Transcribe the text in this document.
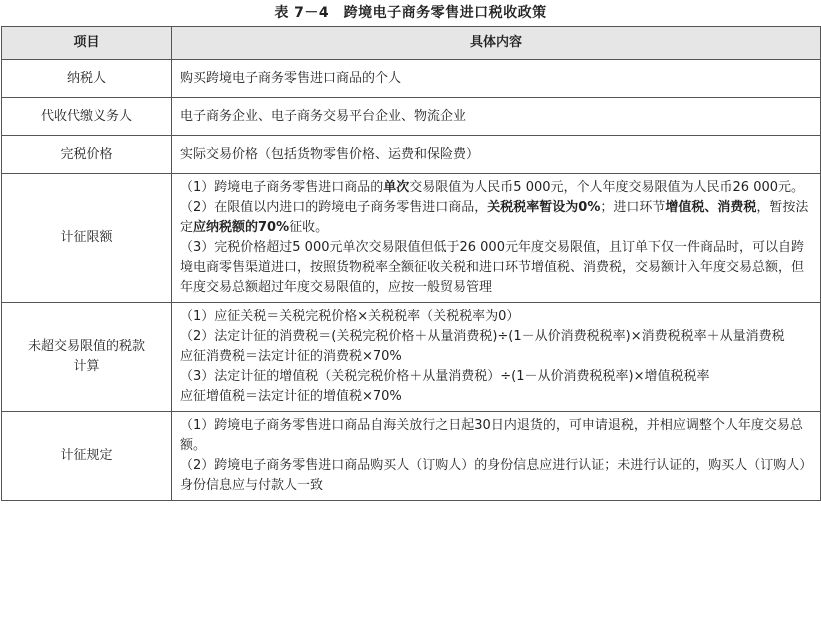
表 7－4　跨境电子商务零售进口税收政策
项目	具体内容
纳税人	购买跨境电子商务零售进口商品的个人
代收代缴义务人	电子商务企业、电子商务交易平台企业、物流企业
完税价格	实际交易价格（包括货物零售价格、运费和保险费）
计征限额	（1）跨境电子商务零售进口商品的单次交易限值为人民币5 000元，个人年度交易限值为人民币26 000元。

（2）在限值以内进口的跨境电子商务零售进口商品，关税税率暂设为0%；进口环节增值税、消费税，暂按法定应纳税额的70%征收。

（3）完税价格超过5 000元单次交易限值但低于26 000元年度交易限值，且订单下仅一件商品时，可以自跨境电商零售渠道进口，按照货物税率全额征收关税和进口环节增值税、消费税，交易额计入年度交易总额，但年度交易总额超过年度交易限值的，应按一般贸易管理

未超交易限值的税款计算	（1）应征关税＝关税完税价格×关税税率（关税税率为0）

（2）法定计征的消费税＝(关税完税价格＋从量消费税)÷(1－从价消费税税率)×消费税税率＋从量消费税

应征消费税＝法定计征的消费税×70%

（3）法定计征的增值税（关税完税价格＋从量消费税）÷(1－从价消费税税率)×增值税税率

应征增值税＝法定计征的增值税×70%

计征规定	（1）跨境电子商务零售进口商品自海关放行之日起30日内退货的，可申请退税，并相应调整个人年度交易总额。

（2）跨境电子商务零售进口商品购买人（订购人）的身份信息应进行认证；未进行认证的，购买人（订购人）身份信息应与付款人一致
